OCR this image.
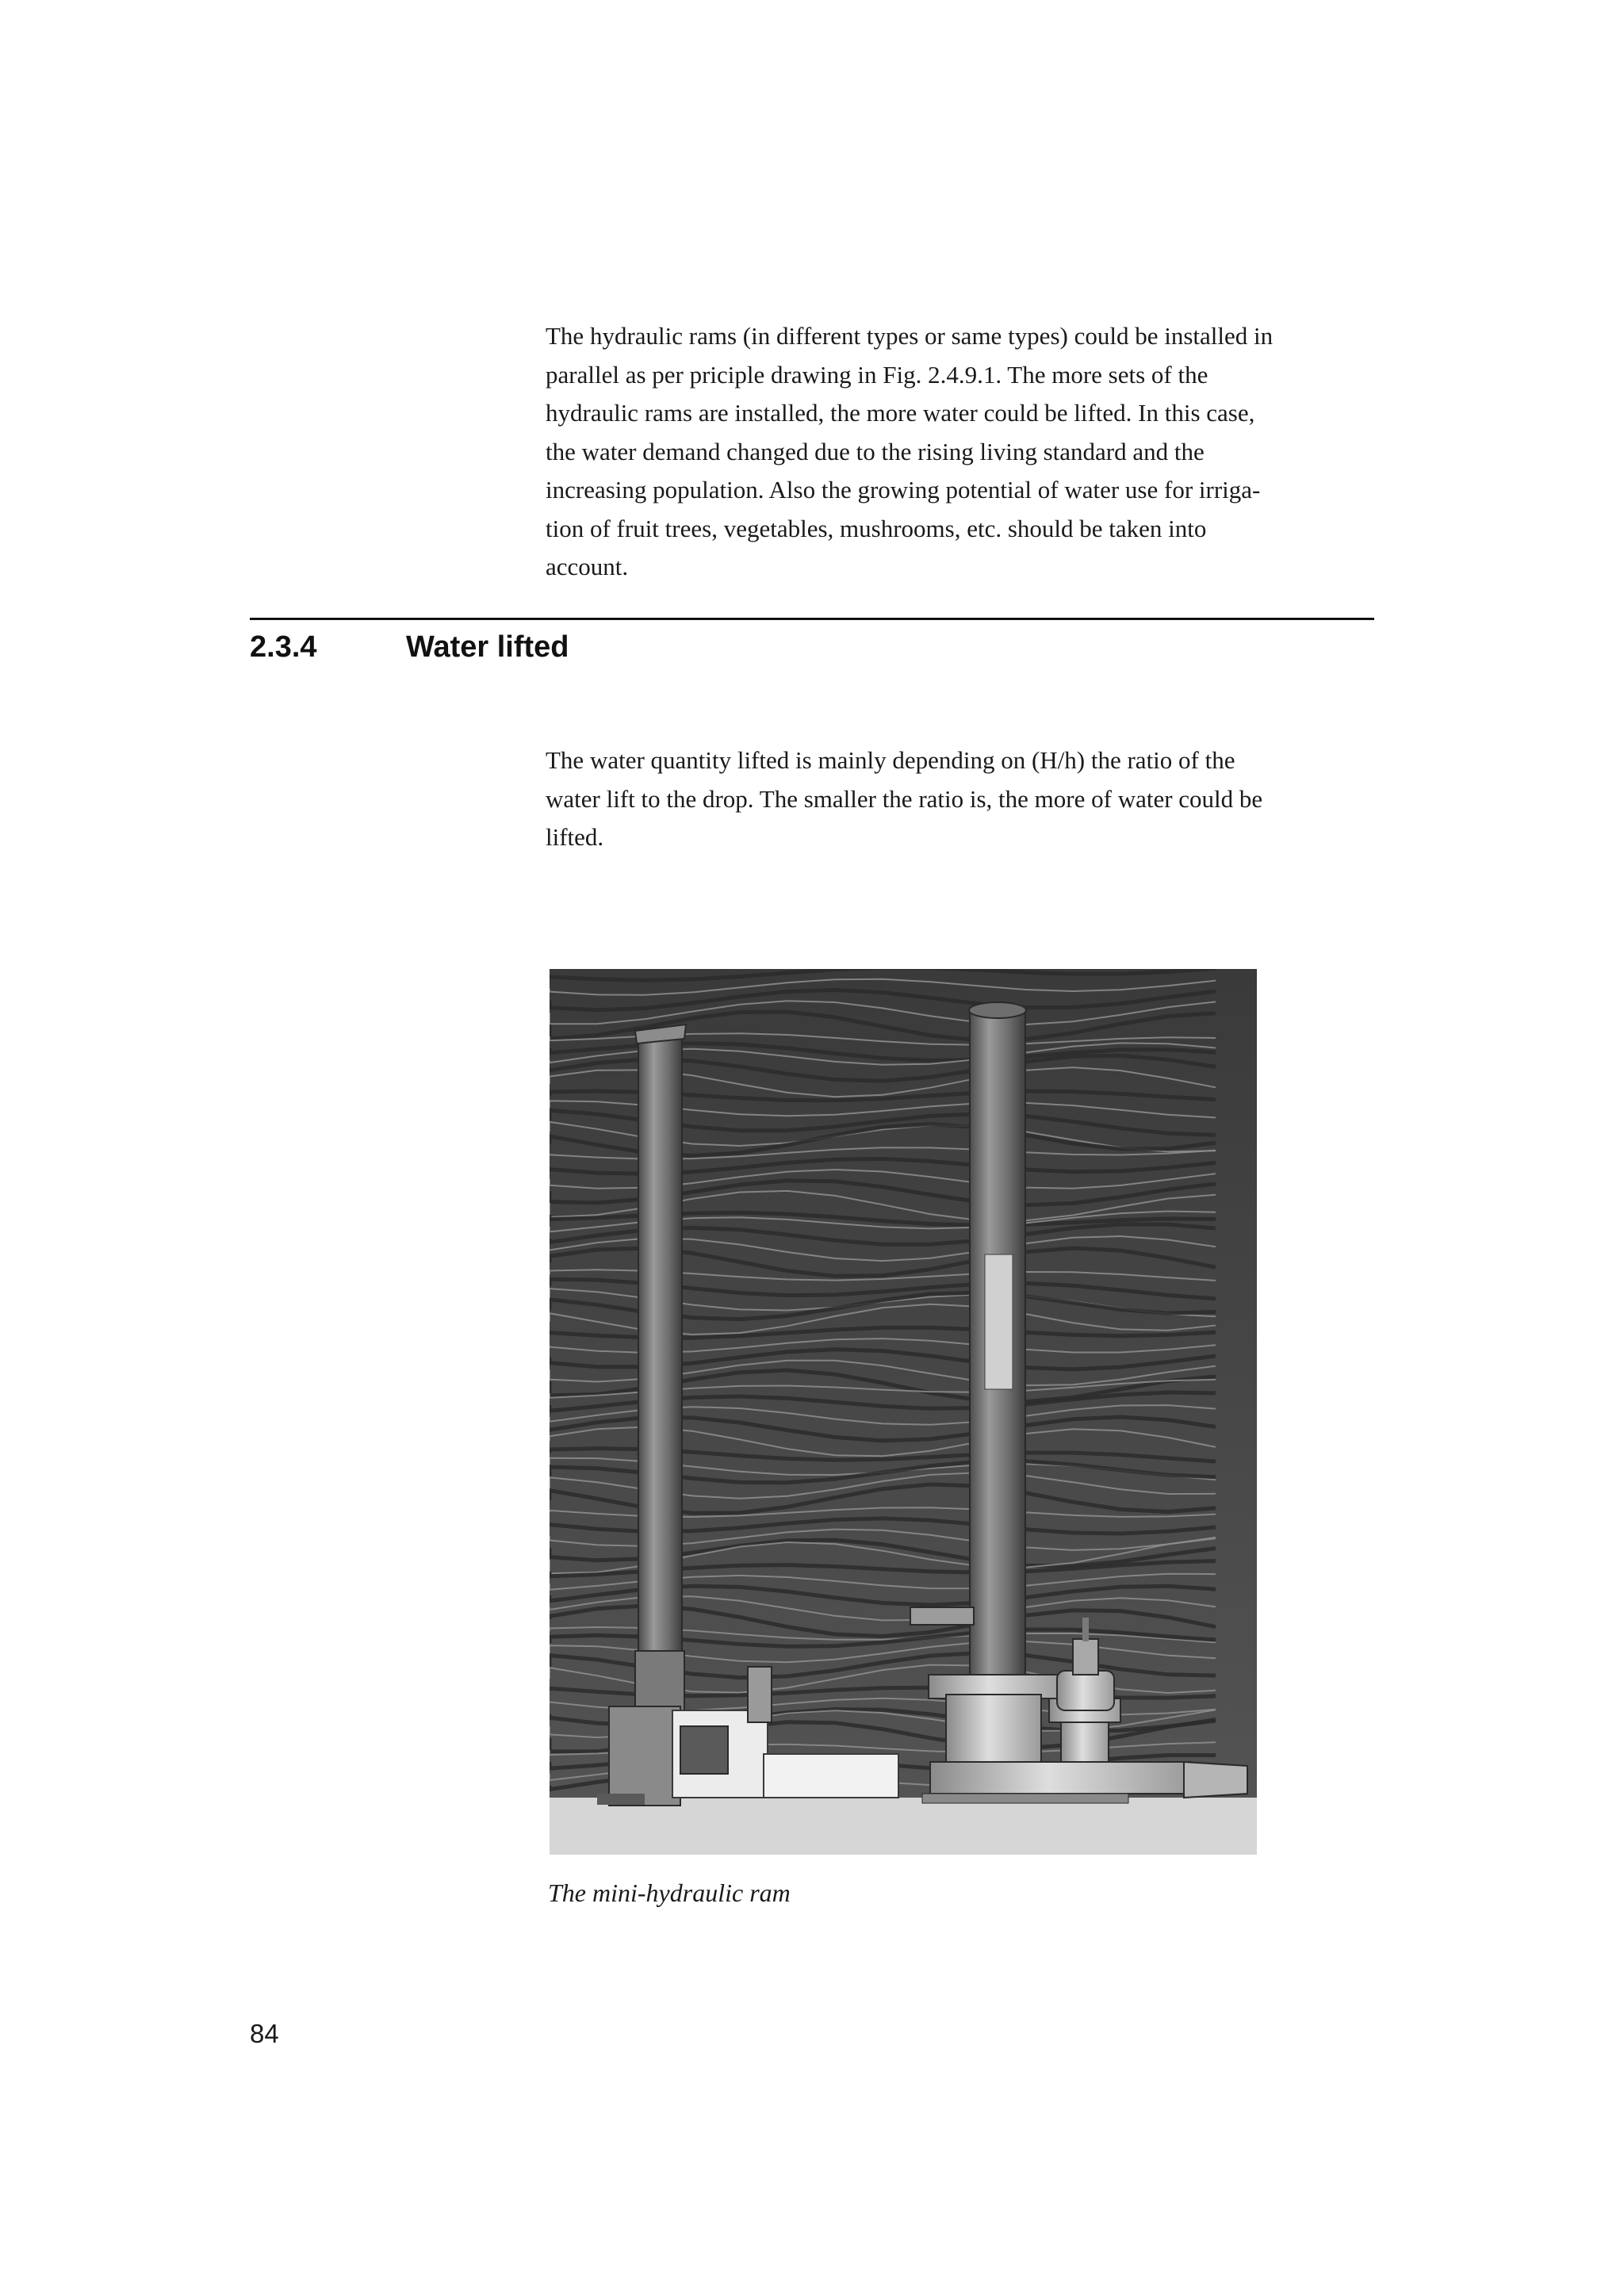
The hydraulic rams (in different types or same types) could be installed in
parallel as per priciple drawing in Fig. 2.4.9.1. The more sets of the
hydraulic rams are installed, the more water could be lifted. In this case,
the water demand changed due to the rising living standard and the
increasing population. Also the growing potential of water use for irriga-
tion of fruit trees, vegetables, mushrooms, etc. should be taken into
account.
2.3.4	Water lifted
The water quantity lifted is mainly depending on (H/h) the ratio of the
water lift to the drop. The smaller the ratio is, the more of water could be
lifted.

The mini-hydraulic ram

84
